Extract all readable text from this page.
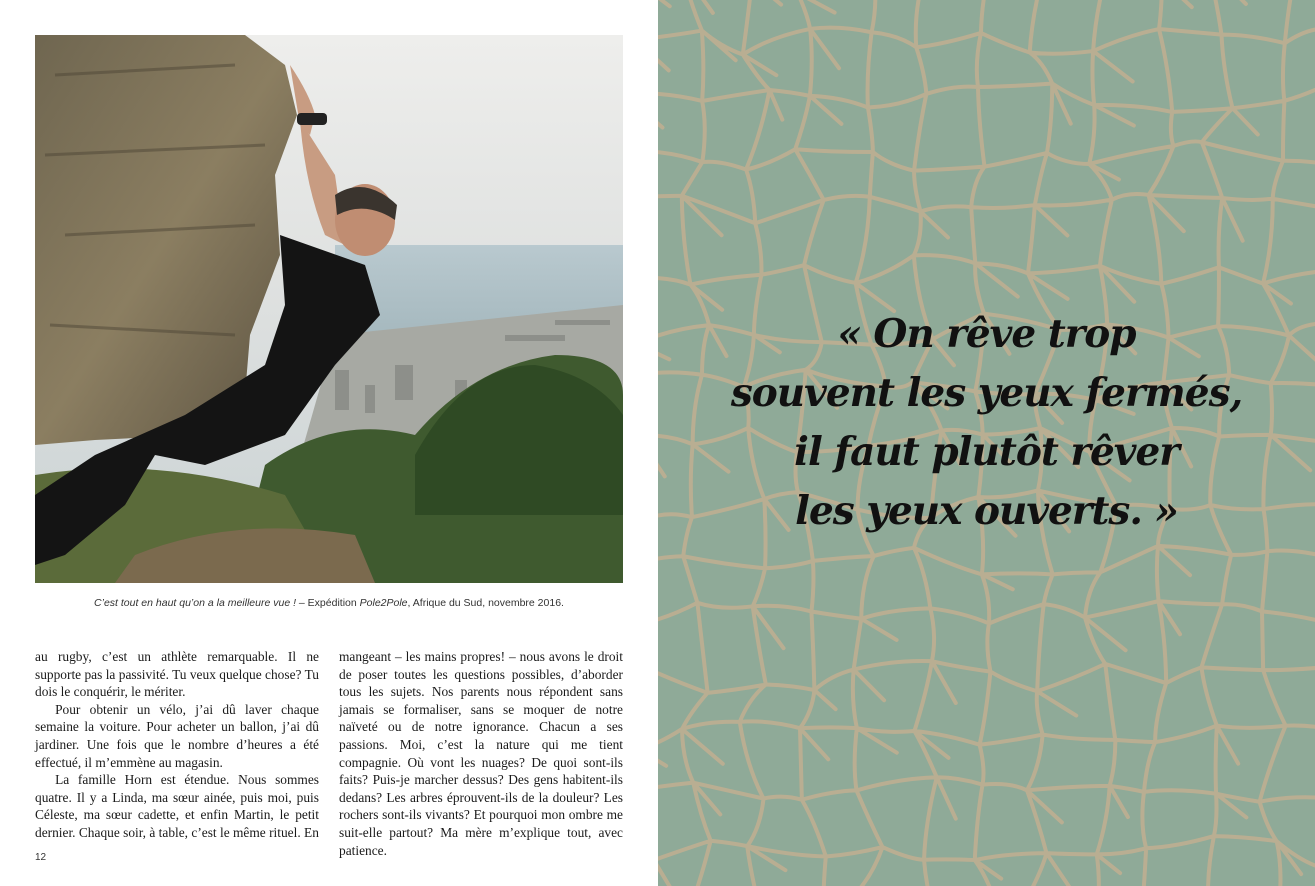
C’est tout en haut qu’on a la meilleure vue ! – Expédition Pole2Pole, Afrique du Sud, novembre 2016.

au rugby, c’est un athlète remarquable. Il ne supporte pas la passivité. Tu veux quelque chose? Tu dois le conquérir, le mériter.

Pour obtenir un vélo, j’ai dû laver chaque semaine la voiture. Pour acheter un ballon, j’ai dû jardiner. Une fois que le nombre d’heures a été effectué, il m’emmène au magasin.

La famille Horn est étendue. Nous sommes quatre. Il y a Linda, ma sœur ainée, puis moi, puis Céleste, ma sœur cadette, et enfin Martin, le petit dernier. Chaque soir, à table, c’est le même rituel. En

mangeant – les mains propres! – nous avons le droit de poser toutes les questions possibles, d’aborder tous les sujets. Nos parents nous répondent sans jamais se formaliser, sans se moquer de notre naïveté ou de notre ignorance. Chacun a ses passions. Moi, c’est la nature qui me tient compagnie. Où vont les nuages? De quoi sont-ils faits? Puis-je marcher dessus? Des gens habitent-ils dedans? Les arbres éprouvent-ils de la douleur? Les rochers sont-ils vivants? Et pourquoi mon ombre me suit-elle partout? Ma mère m’explique tout, avec patience.

12
« On rêve trop
souvent les yeux fermés,
il faut plutôt rêver
les yeux ouverts. »
